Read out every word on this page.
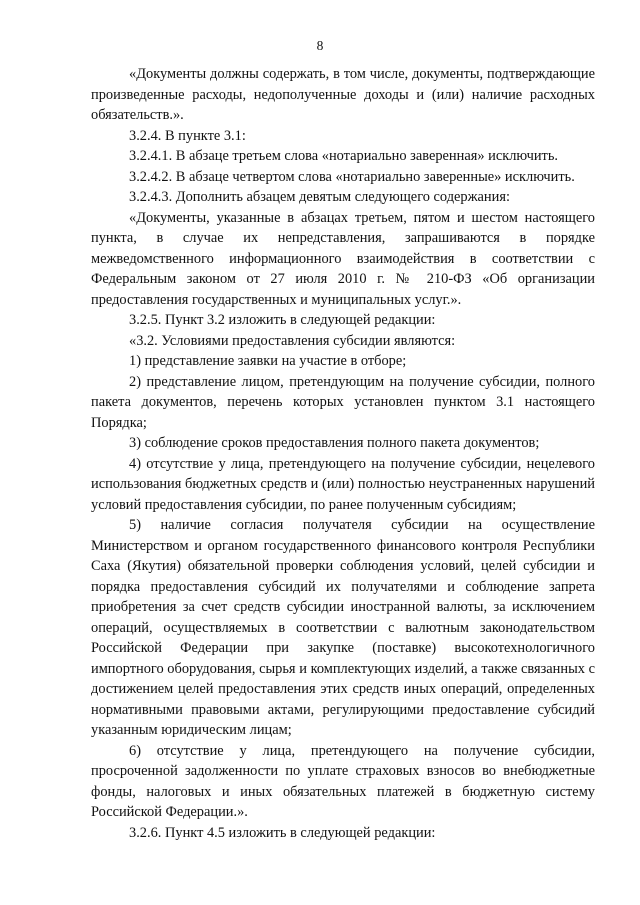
8

«Документы должны содержать, в том числе, документы, подтверждающие произведенные расходы, недополученные доходы и (или) наличие расходных обязательств.».

3.2.4. В пункте 3.1:

3.2.4.1. В абзаце третьем слова «нотариально заверенная» исключить.

3.2.4.2. В абзаце четвертом слова «нотариально заверенные» исключить.

3.2.4.3. Дополнить абзацем девятым следующего содержания:

«Документы, указанные в абзацах третьем, пятом и шестом настоящего пункта, в случае их непредставления, запрашиваются в порядке межведомственного информационного взаимодействия в соответствии с Федеральным законом от 27 июля 2010 г. № 210-ФЗ «Об организации предоставления государственных и муниципальных услуг.».

3.2.5. Пункт 3.2 изложить в следующей редакции:

«3.2. Условиями предоставления субсидии являются:

1) представление заявки на участие в отборе;

2) представление лицом, претендующим на получение субсидии, полного пакета документов, перечень которых установлен пунктом 3.1 настоящего Порядка;

3) соблюдение сроков предоставления полного пакета документов;

4) отсутствие у лица, претендующего на получение субсидии, нецелевого использования бюджетных средств и (или) полностью неустраненных нарушений условий предоставления субсидии, по ранее полученным субсидиям;

5) наличие согласия получателя субсидии на осуществление Министерством и органом государственного финансового контроля Республики Саха (Якутия) обязательной проверки соблюдения условий, целей субсидии и порядка предоставления субсидий их получателями и соблюдение запрета приобретения за счет средств субсидии иностранной валюты, за исключением операций, осуществляемых в соответствии с валютным законодательством Российской Федерации при закупке (поставке) высокотехнологичного импортного оборудования, сырья и комплектующих изделий, а также связанных с достижением целей предоставления этих средств иных операций, определенных нормативными правовыми актами, регулирующими предоставление субсидий указанным юридическим лицам;

6) отсутствие у лица, претендующего на получение субсидии, просроченной задолженности по уплате страховых взносов во внебюджетные фонды, налоговых и иных обязательных платежей в бюджетную систему Российской Федерации.».

3.2.6. Пункт 4.5 изложить в следующей редакции:
